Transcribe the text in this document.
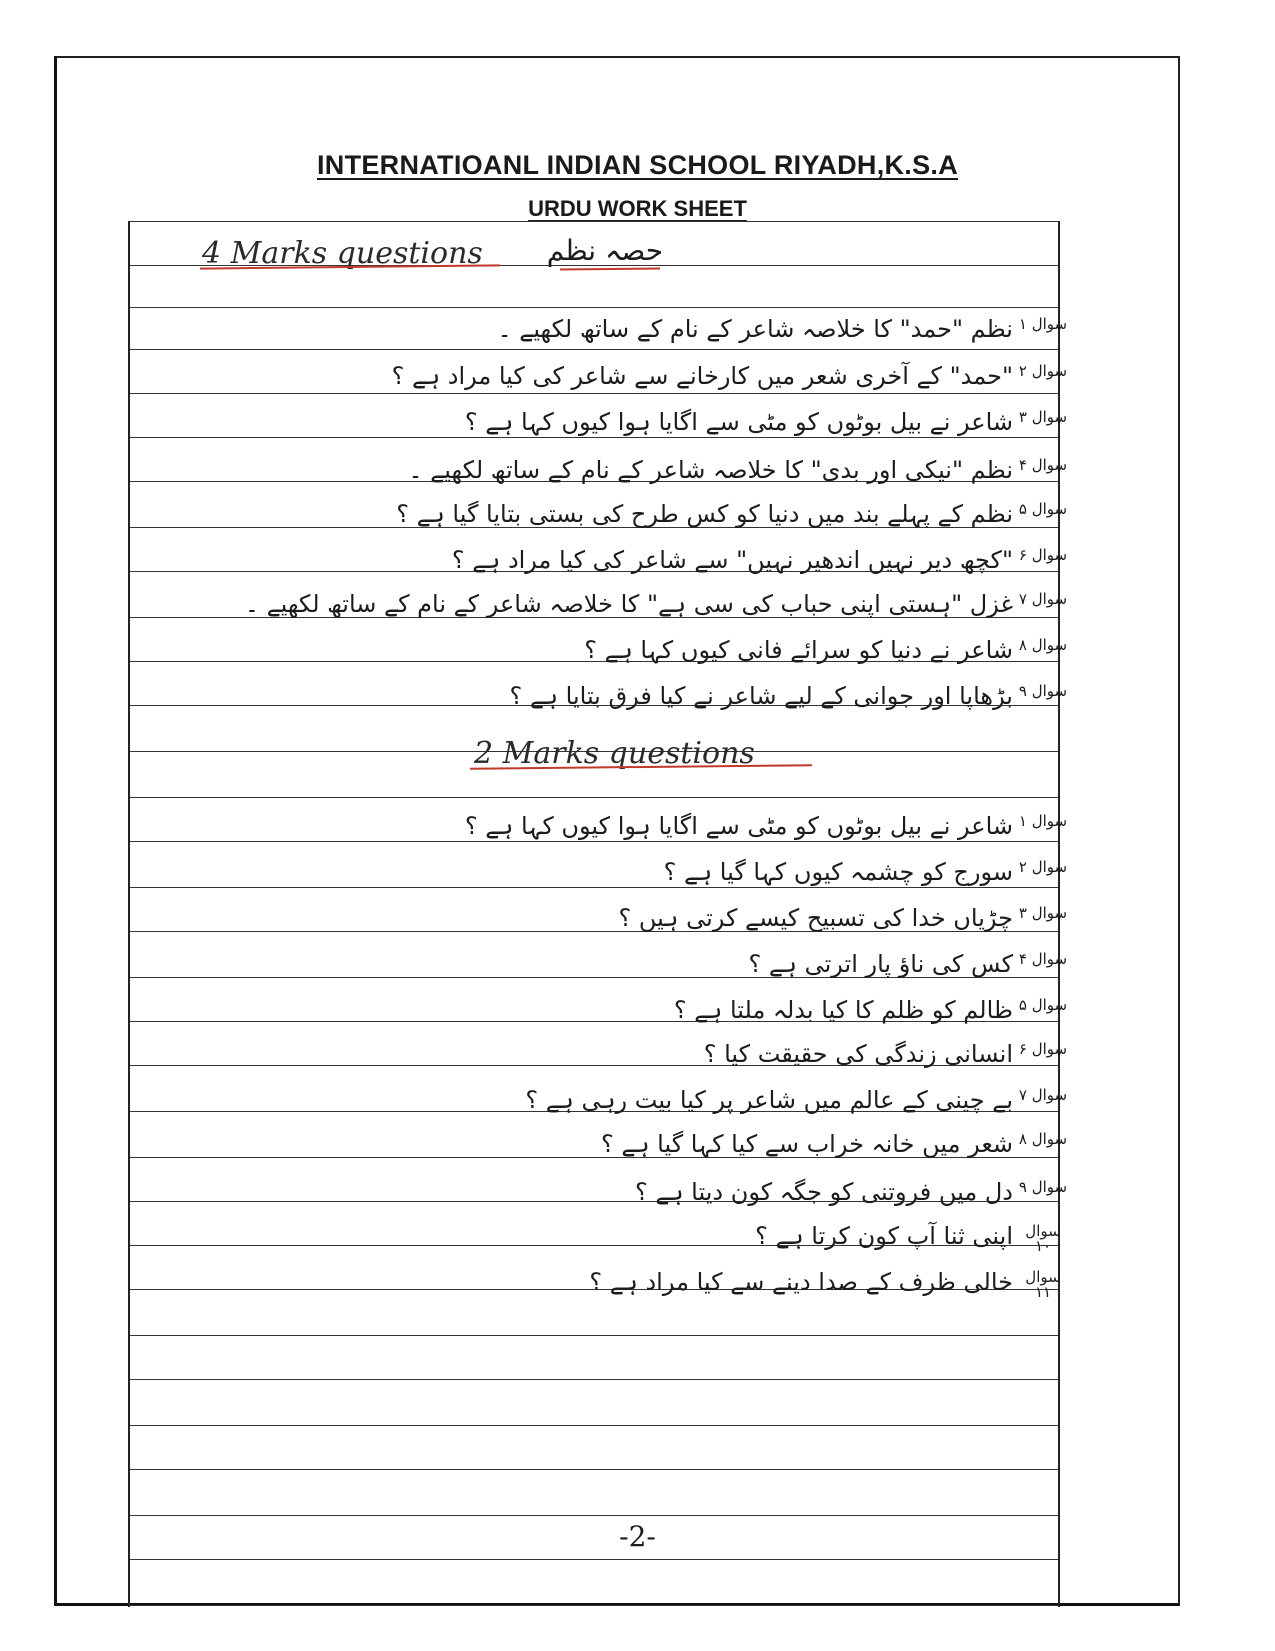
INTERNATIOANL INDIAN SCHOOL RIYADH,K.S.A
URDU WORK SHEET
4 Marks questions حصہ نظم
نظم "حمد" کا خلاصہ شاعر کے نام کے ساتھ لکھیے ۔ سوال ۱
"حمد" کے آخری شعر میں کارخانے سے شاعر کی کیا مراد ہے ؟ سوال ۲
شاعر نے بیل بوٹوں کو مٹی سے اگایا ہوا کیوں کہا ہے ؟ سوال ۳
نظم "نیکی اور بدی" کا خلاصہ شاعر کے نام کے ساتھ لکھیے ۔ سوال ۴
نظم کے پہلے بند میں دنیا کو کس طرح کی بستی بتایا گیا ہے ؟ سوال ۵
"کچھ دیر نہیں اندھیر نہیں" سے شاعر کی کیا مراد ہے ؟ سوال ۶
غزل "ہستی اپنی حباب کی سی ہے" کا خلاصہ شاعر کے نام کے ساتھ لکھیے ۔ سوال ۷
شاعر نے دنیا کو سرائے فانی کیوں کہا ہے ؟ سوال ۸
بڑھاپا اور جوانی کے لیے شاعر نے کیا فرق بتایا ہے ؟ سوال ۹
2 Marks questions
شاعر نے بیل بوٹوں کو مٹی سے اگایا ہوا کیوں کہا ہے ؟ سوال ۱
سورج کو چشمہ کیوں کہا گیا ہے ؟ سوال ۲
چڑیاں خدا کی تسبیح کیسے کرتی ہیں ؟ سوال ۳
کس کی ناؤ پار اترتی ہے ؟ سوال ۴
ظالم کو ظلم کا کیا بدلہ ملتا ہے ؟ سوال ۵
انسانی زندگی کی حقیقت کیا ؟ سوال ۶
بے چینی کے عالم میں شاعر پر کیا بیت رہی ہے ؟ سوال ۷
شعر میں خانہ خراب سے کیا کہا گیا ہے ؟ سوال ۸
دل میں فروتنی کو جگہ کون دیتا ہے ؟ سوال ۹
اپنی ثنا آپ کون کرتا ہے ؟ سوال ۱۰
خالی ظرف کے صدا دینے سے کیا مراد ہے ؟ سوال ۱۱
-2-
